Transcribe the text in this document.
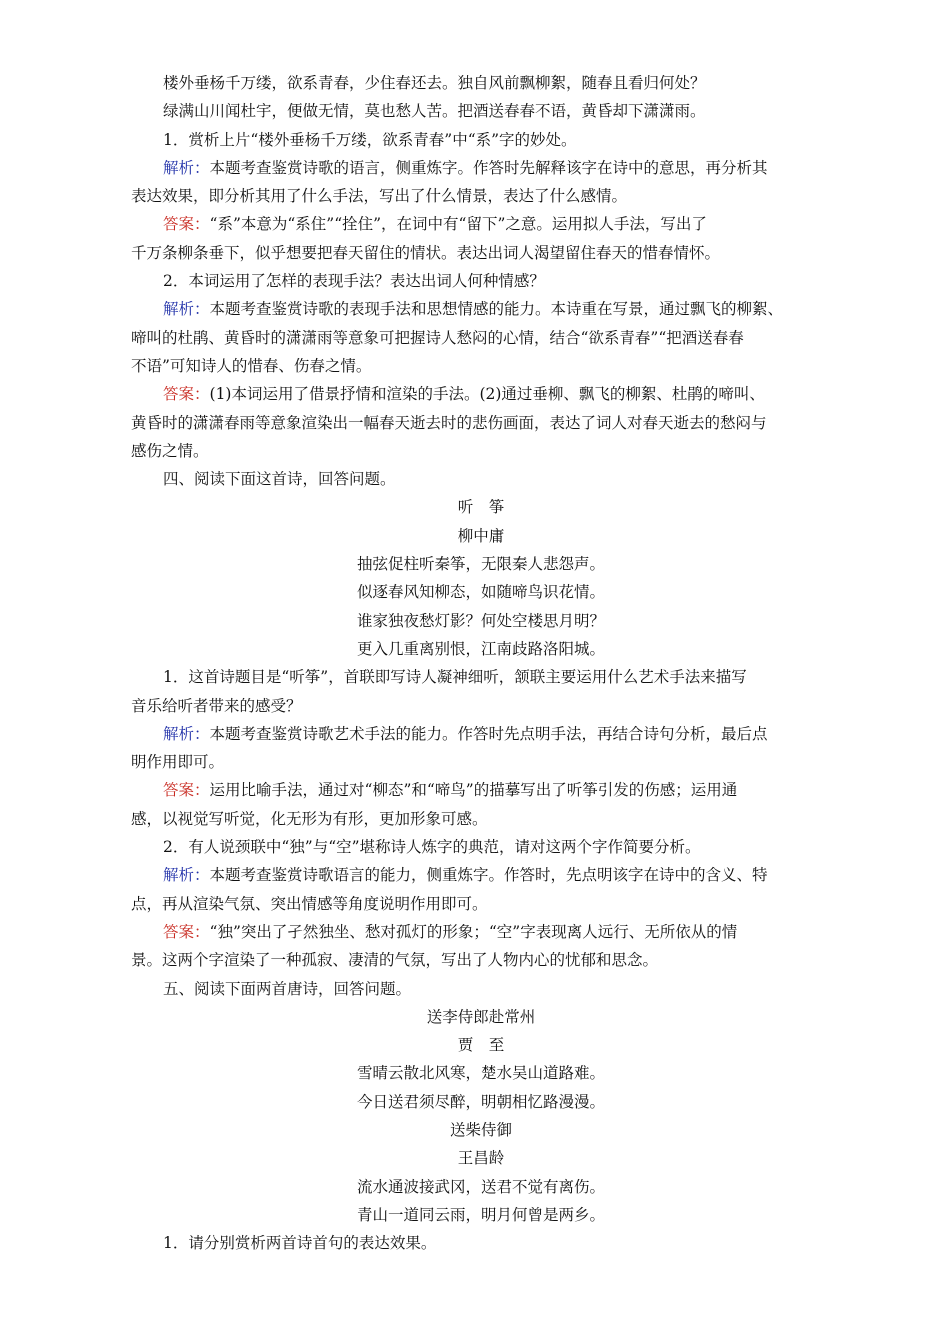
楼外垂杨千万缕，欲系青春，少住春还去。独自风前飘柳絮，随春且看归何处？

绿满山川闻杜宇，便做无情，莫也愁人苦。把酒送春春不语，黄昏却下潇潇雨。

1．赏析上片“楼外垂杨千万缕，欲系青春”中“系”字的妙处。

解析：本题考查鉴赏诗歌的语言，侧重炼字。作答时先解释该字在诗中的意思，再分析其

表达效果，即分析其用了什么手法，写出了什么情景，表达了什么感情。

答案：“系”本意为“系住”“拴住”，在词中有“留下”之意。运用拟人手法，写出了

千万条柳条垂下，似乎想要把春天留住的情状。表达出词人渴望留住春天的惜春情怀。

2．本词运用了怎样的表现手法？表达出词人何种情感？

解析：本题考查鉴赏诗歌的表现手法和思想情感的能力。本诗重在写景，通过飘飞的柳絮、

啼叫的杜鹃、黄昏时的潇潇雨等意象可把握诗人愁闷的心情，结合“欲系青春”“把酒送春春

不语”可知诗人的惜春、伤春之情。

答案：(1)本词运用了借景抒情和渲染的手法。(2)通过垂柳、飘飞的柳絮、杜鹃的啼叫、

黄昏时的潇潇春雨等意象渲染出一幅春天逝去时的悲伤画面，表达了词人对春天逝去的愁闷与

感伤之情。

四、阅读下面这首诗，回答问题。

听　筝

柳中庸

抽弦促柱听秦筝，无限秦人悲怨声。

似逐春风知柳态，如随啼鸟识花情。

谁家独夜愁灯影？何处空楼思月明？

更入几重离别恨，江南歧路洛阳城。

1．这首诗题目是“听筝”，首联即写诗人凝神细听，颔联主要运用什么艺术手法来描写

音乐给听者带来的感受？

解析：本题考查鉴赏诗歌艺术手法的能力。作答时先点明手法，再结合诗句分析，最后点

明作用即可。

答案：运用比喻手法，通过对“柳态”和“啼鸟”的描摹写出了听筝引发的伤感；运用通

感，以视觉写听觉，化无形为有形，更加形象可感。

2．有人说颈联中“独”与“空”堪称诗人炼字的典范，请对这两个字作简要分析。

解析：本题考查鉴赏诗歌语言的能力，侧重炼字。作答时，先点明该字在诗中的含义、特

点，再从渲染气氛、突出情感等角度说明作用即可。

答案：“独”突出了孑然独坐、愁对孤灯的形象；“空”字表现离人远行、无所依从的情

景。这两个字渲染了一种孤寂、凄清的气氛，写出了人物内心的忧郁和思念。

五、阅读下面两首唐诗，回答问题。

送李侍郎赴常州

贾　至

雪晴云散北风寒，楚水吴山道路难。

今日送君须尽醉，明朝相忆路漫漫。

送柴侍御

王昌龄

流水通波接武冈，送君不觉有离伤。

青山一道同云雨，明月何曾是两乡。

1．请分别赏析两首诗首句的表达效果。
